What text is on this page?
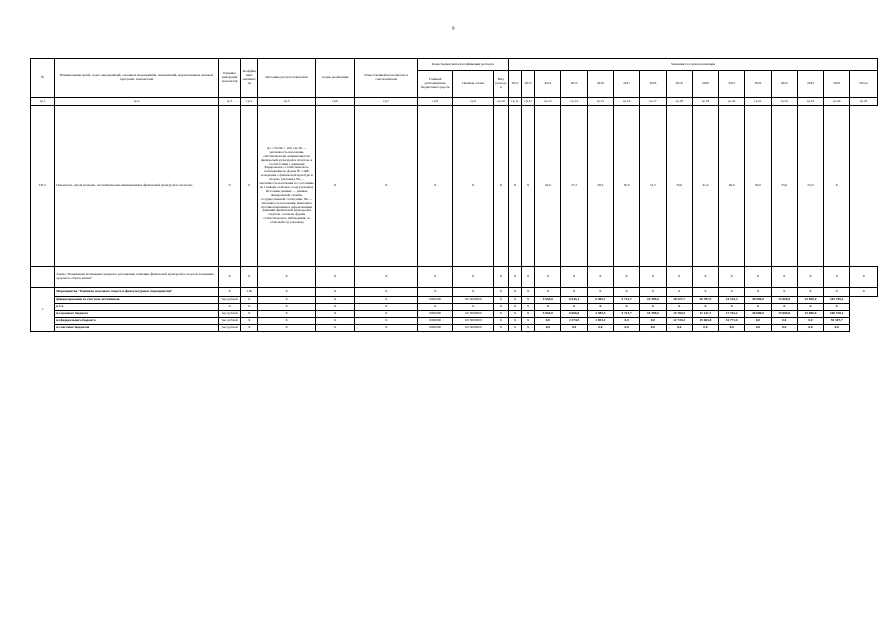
9
№	Наименование целей, задач, мероприятий, основных мероприятий, направлений, ведомственных целевых программ, показателей	Единица измерения показателя	Коэффициент значимости	Методика расчета показателя	Сроки реализации	Ответственный исполнитель и соисполнители	Коды бюджетной классификации расходов			Значения по годам реализации														
							Главный распорядитель бюджетных средств	Целевая статья	Вид расходов	2012	2013	2014	2015	2016	2017	2018	2019	2020	2021	2022	2023	2024	2025	Итого
гр.1	гр.2	гр.3	гр.4	гр.5	гр.6	гр.7	гр.8	гр.9	гр.10	гр.11	гр.12	гр.13	гр.14	гр.15	гр.16	гр.17	гр.18	гр.19	гр.20	гр.21	гр.22	гр.23	гр.24	гр.25
ПЗ 2	Показатель «Доля граждан, систематически занимающихся физической культурой и спортом»	%	0	Дз = Чз/Чн × 100, где Чз — численность населения, систематически занимающегося физической культурой и спортом, в соответствии с данными федерального статистического наблюдения по форме № 1-ФК «Сведения о физической культуре и спорте» (человек), Чн — численность населения по состоянию на 1 января отчетного года (человек). Источник данных — данные Федеральной службы государственной статистики. Чн — численность населения, имеющего противопоказания к определенным занятиям физической культурой и спортом, согласно формы статистического наблюдения, за отчетный год (человек)	X	X	X	X	X	X	X	24,0	27,2	28,3	30,0	31,5	33,0	41,0	46,0	50,0	55,0	55,0	X	
	Задача "Повышение мотивации граждан к регулярным занятиям физической культурой и спортом и ведению здорового образа жизни"	X	X	X	X	X	X	X	X	X	X	X	X	X	X	X	X	X	X	X	X	X	X	X
1	Мероприятие "Развитие массового спорта и физкультурных мероприятий"	X	1,00	X	X	X	X	X	X	X	X	X	X	X	X	X	X	X	X	X	X	X	X	X
	финансирование за счет всех источников	тыс.рублей	X	X	X	X	0000000	1015000000	X	X	X	5 954,0	6 545,1	6 465,7	5 721,7	10 399,0	28 527,7	20 787,5	24 145,3	40 000,0	15 000,0	15 000,0	183 785,1	
	в т.ч.	X	X	X	X	X	X	X	X	X	X	X	X	X	X	X	X	X	X	X	X	X	X	
	из краевого бюджета	тыс.рублей	X	X	X	X	0000000	1015000000	X	X	X	5 954,0	6 066,0	4 585,5	5 721,7	10 399,0	15 784,5	11 121,7	17 742,2	40 000,0	15 000,0	15 000,0	160 578,1	
	из федерального бюджета	тыс.рублей	X	X	X	X	0000000	1015000000	X	X	X	0,0	2 274,5	1 853,2	0,0	0,0	12 743,2	19 665,8	16 771,0	0,0	0,0	0,0	55 307,7	
	из местных бюджетов	тыс.рублей	X	X	X	X	0000000	1015000000	X	X	X	0,0	0,0	0,0	0,0	0,0	0,0	0,0	0,0	0,0	0,0	0,0	0,0	
